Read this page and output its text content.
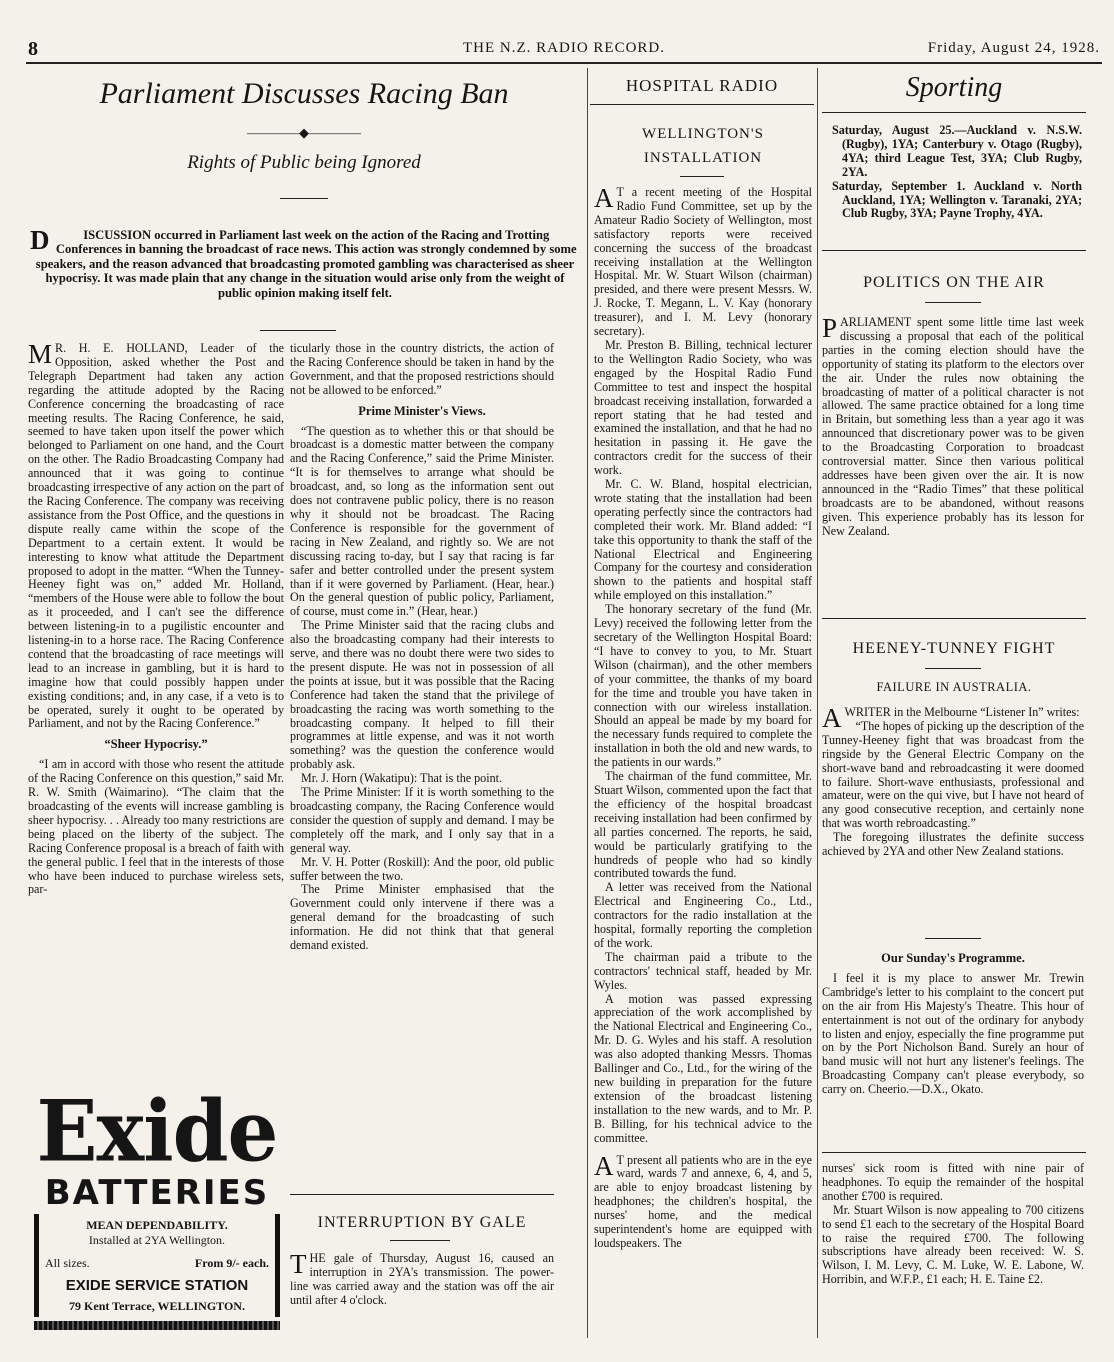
8	THE N.Z. RADIO RECORD.	Friday, August 24, 1928.
Parliament Discusses Racing Ban
————◆————
Rights of Public being Ignored

D	ISCUSSION occurred in Parliament last week on the action of the Racing and Trotting Conferences in banning the broadcast of race news. This action was strongly condemned by some speakers, and the reason advanced that broadcasting promoted gambling was characterised as sheer hypocrisy. It was made plain that any change in the situation would arise only from the weight of public opinion making itself felt.

M R. H. E. HOLLAND, Leader of the Opposition, asked whether the Post and Telegraph Department had taken any action regarding the attitude adopted by the Racing Conference concerning the broadcasting of race meeting results. The Racing Conference, he said, seemed to have taken upon itself the power which belonged to Parliament on one hand, and the Court on the other. The Radio Broadcasting Company had announced that it was going to continue broadcasting irrespective of any action on the part of the Racing Conference. The company was receiving assistance from the Post Office, and the questions in dispute really came within the scope of the Department to a certain extent. It would be interesting to know what attitude the Department proposed to adopt in the matter. “When the Tunney-Heeney fight was on,” added Mr. Holland, “members of the House were able to follow the bout as it proceeded, and I can't see the difference between listening-in to a pugilistic encounter and listening-in to a horse race. The Racing Conference contend that the broadcasting of race meetings will lead to an increase in gambling, but it is hard to imagine how that could possibly happen under existing conditions; and, in any case, if a veto is to be operated, surely it ought to be operated by Parliament, and not by the Racing Conference.”

“Sheer Hypocrisy.”

“I am in accord with those who resent the attitude of the Racing Conference on this question,” said Mr. R. W. Smith (Waimarino). “The claim that the broadcasting of the events will increase gambling is sheer hypocrisy. . . Already too many restrictions are being placed on the liberty of the subject. The Racing Conference proposal is a breach of faith with the general public. I feel that in the interests of those who have been induced to purchase wireless sets, par-

ticularly those in the country districts, the action of the Racing Conference should be taken in hand by the Government, and that the proposed restrictions should not be allowed to be enforced.”

Prime Minister's Views.

“The question as to whether this or that should be broadcast is a domestic matter between the company and the Racing Conference,” said the Prime Minister. “It is for themselves to arrange what should be broadcast, and, so long as the information sent out does not contravene public policy, there is no reason why it should not be broadcast. The Racing Conference is responsible for the government of racing in New Zealand, and rightly so. We are not discussing racing to-day, but I say that racing is far safer and better controlled under the present system than if it were governed by Parliament. (Hear, hear.) On the general question of public policy, Parliament, of course, must come in.” (Hear, hear.)

The Prime Minister said that the racing clubs and also the broadcasting company had their interests to serve, and there was no doubt there were two sides to the present dispute. He was not in possession of all the points at issue, but it was possible that the Racing Conference had taken the stand that the privilege of broadcasting the racing was worth something to the broadcasting company. It helped to fill their programmes at little expense, and was it not worth something? was the question the conference would probably ask.

Mr. J. Horn (Wakatipu): That is the point.

The Prime Minister: If it is worth something to the broadcasting company, the Racing Conference would consider the question of supply and demand. I may be completely off the mark, and I only say that in a general way.

Mr. V. H. Potter (Roskill): And the poor, old public suffer between the two.

The Prime Minister emphasised that the Government could only intervene if there was a general demand for the broadcasting of such information. He did not think that that general demand existed.

INTERRUPTION BY GALE

THE gale of Thursday, August 16, caused an interruption in 2YA's transmission. The power-line was carried away and the station was off the air until after 4 o'clock.

Exide
BATTERIES
MEAN DEPENDABILITY.
Installed at 2YA Wellington.
All sizes.	From 9/- each.
EXIDE SERVICE STATION
79 Kent Terrace, WELLINGTON.
HOSPITAL RADIO
WELLINGTON'S INSTALLATION

A T a recent meeting of the Hospital Radio Fund Committee, set up by the Amateur Radio Society of Wellington, most satisfactory reports were received concerning the success of the broadcast receiving installation at the Wellington Hospital. Mr. W. Stuart Wilson (chairman) presided, and there were present Messrs. W. J. Rocke, T. Megann, L. V. Kay (honorary treasurer), and I. M. Levy (honorary secretary).

Mr. Preston B. Billing, technical lecturer to the Wellington Radio Society, who was engaged by the Hospital Radio Fund Committee to test and inspect the hospital broadcast receiving installation, forwarded a report stating that he had tested and examined the installation, and that he had no hesitation in passing it. He gave the contractors credit for the success of their work.

Mr. C. W. Bland, hospital electrician, wrote stating that the installation had been operating perfectly since the contractors had completed their work. Mr. Bland added: “I take this opportunity to thank the staff of the National Electrical and Engineering Company for the courtesy and consideration shown to the patients and hospital staff while employed on this installation.”

The honorary secretary of the fund (Mr. Levy) received the following letter from the secretary of the Wellington Hospital Board: “I have to convey to you, to Mr. Stuart Wilson (chairman), and the other members of your committee, the thanks of my board for the time and trouble you have taken in connection with our wireless installation. Should an appeal be made by my board for the necessary funds required to complete the installation in both the old and new wards, to the patients in our wards.”

The chairman of the fund committee, Mr. Stuart Wilson, commented upon the fact that the efficiency of the hospital broadcast receiving installation had been confirmed by all parties concerned. The reports, he said, would be particularly gratifying to the hundreds of people who had so kindly contributed towards the fund.

A letter was received from the National Electrical and Engineering Co., Ltd., contractors for the radio installation at the hospital, formally reporting the completion of the work.

The chairman paid a tribute to the contractors' technical staff, headed by Mr. Wyles.

A motion was passed expressing appreciation of the work accomplished by the National Electrical and Engineering Co., Mr. D. G. Wyles and his staff. A resolution was also adopted thanking Messrs. Thomas Ballinger and Co., Ltd., for the wiring of the new building in preparation for the future extension of the broadcast listening installation to the new wards, and to Mr. P. B. Billing, for his technical advice to the committee.

A T present all patients who are in the eye ward, wards 7 and annexe, 6, 4, and 5, are able to enjoy broadcast listening by headphones; the children's hospital, the nurses' home, and the medical superintendent's home are equipped with loudspeakers. The

Sporting

Saturday, August 25.—Auckland v. N.S.W. (Rugby), 1YA; Canterbury v. Otago (Rugby), 4YA; third League Test, 3YA; Club Rugby, 2YA.

Saturday, September 1. Auckland v. North Auckland, 1YA; Wellington v. Taranaki, 2YA; Club Rugby, 3YA; Payne Trophy, 4YA.

POLITICS ON THE AIR

PARLIAMENT spent some little time last week discussing a proposal that each of the political parties in the coming election should have the opportunity of stating its platform to the electors over the air. Under the rules now obtaining the broadcasting of matter of a political character is not allowed. The same practice obtained for a long time in Britain, but something less than a year ago it was announced that discretionary power was to be given to the Broadcasting Corporation to broadcast controversial matter. Since then various political addresses have been given over the air. It is now announced in the “Radio Times” that these political broadcasts are to be abandoned, without reasons given. This experience probably has its lesson for New Zealand.

HEENEY-TUNNEY FIGHT
FAILURE IN AUSTRALIA.

AWRITER in the Melbourne “Listener In” writes:

“The hopes of picking up the description of the Tunney-Heeney fight that was broadcast from the ringside by the General Electric Company on the short-wave band and rebroadcasting it were doomed to failure. Short-wave enthusiasts, professional and amateur, were on the qui vive, but I have not heard of any good consecutive reception, and certainly none that was worth rebroadcasting.”

The foregoing illustrates the definite success achieved by 2YA and other New Zealand stations.

Our Sunday's Programme.

I feel it is my place to answer Mr. Trewin Cambridge's letter to his complaint to the concert put on the air from His Majesty's Theatre. This hour of entertainment is not out of the ordinary for anybody to listen and enjoy, especially the fine programme put on by the Port Nicholson Band. Surely an hour of band music will not hurt any listener's feelings. The Broadcasting Company can't please everybody, so carry on. Cheerio.—D.X., Okato.

nurses' sick room is fitted with nine pair of headphones. To equip the remainder of the hospital another £700 is required.

Mr. Stuart Wilson is now appealing to 700 citizens to send £1 each to the secretary of the Hospital Board to raise the required £700. The following subscriptions have already been received: W. S. Wilson, I. M. Levy, C. M. Luke, W. E. Labone, W. Horribin, and W.F.P., £1 each; H. E. Taine £2.
